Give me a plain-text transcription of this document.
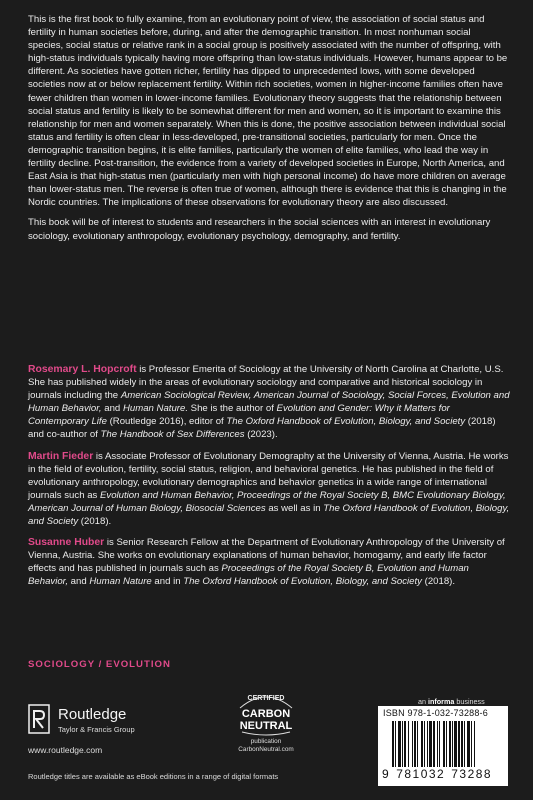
This is the first book to fully examine, from an evolutionary point of view, the association of social status and fertility in human societies before, during, and after the demographic transition. In most nonhuman social species, social status or relative rank in a social group is positively associated with the number of offspring, with high-status individuals typically having more offspring than low-status individuals. However, humans appear to be different. As societies have gotten richer, fertility has dipped to unprecedented lows, with some developed societies now at or below replacement fertility. Within rich societies, women in higher-income families often have fewer children than women in lower-income families. Evolutionary theory suggests that the relationship between social status and fertility is likely to be somewhat different for men and women, so it is important to examine this relationship for men and women separately. When this is done, the positive association between individual social status and fertility is often clear in less-developed, pre-transitional societies, particularly for men. Once the demographic transition begins, it is elite families, particularly the women of elite families, who lead the way in fertility decline. Post-transition, the evidence from a variety of developed societies in Europe, North America, and East Asia is that high-status men (particularly men with high personal income) do have more children on average than lower-status men. The reverse is often true of women, although there is evidence that this is changing in the Nordic countries. The implications of these observations for evolutionary theory are also discussed.

This book will be of interest to students and researchers in the social sciences with an interest in evolutionary sociology, evolutionary anthropology, evolutionary psychology, demography, and fertility.

Rosemary L. Hopcroft is Professor Emerita of Sociology at the University of North Carolina at Charlotte, U.S. She has published widely in the areas of evolutionary sociology and comparative and historical sociology in journals including the American Sociological Review, American Journal of Sociology, Social Forces, Evolution and Human Behavior, and Human Nature. She is the author of Evolution and Gender: Why it Matters for Contemporary Life (Routledge 2016), editor of The Oxford Handbook of Evolution, Biology, and Society (2018) and co-author of The Handbook of Sex Differences (2023).

Martin Fieder is Associate Professor of Evolutionary Demography at the University of Vienna, Austria. He works in the field of evolution, fertility, social status, religion, and behavioral genetics. He has published in the field of evolutionary anthropology, evolutionary demographics and behavior genetics in a wide range of international journals such as Evolution and Human Behavior, Proceedings of the Royal Society B, BMC Evolutionary Biology, American Journal of Human Biology, Biosocial Sciences as well as in The Oxford Handbook of Evolution, Biology, and Society (2018).

Susanne Huber is Senior Research Fellow at the Department of Evolutionary Anthropology of the University of Vienna, Austria. She works on evolutionary explanations of human behavior, homogamy, and early life factor effects and has published in journals such as Proceedings of the Royal Society B, Evolution and Human Behavior, and Human Nature and in The Oxford Handbook of Evolution, Biology, and Society (2018).

SOCIOLOGY / EVOLUTION
Routledge
Taylor & Francis Group
www.routledge.com
CERTIFIED
CARBON
NEUTRAL
publication
CarbonNeutral.com
an informa business
ISBN 978-1-032-73288-6
9 781032 73288
Routledge titles are available as eBook editions in a range of digital formats
